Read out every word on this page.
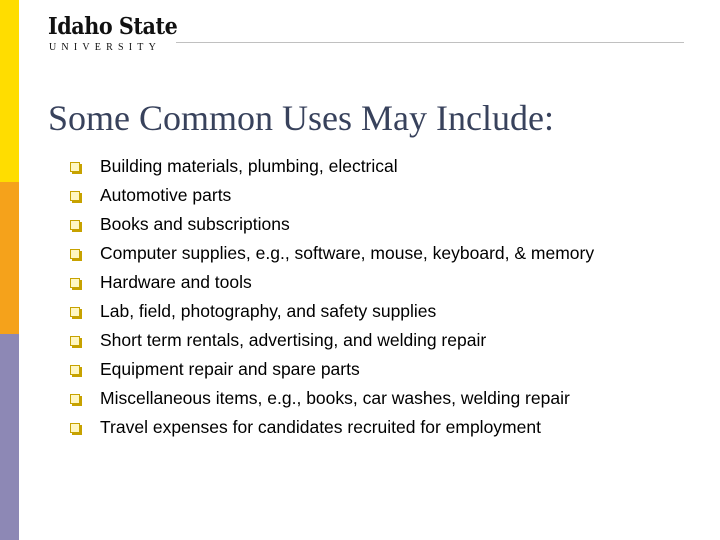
Idaho State
UNIVERSITY
Some Common Uses May Include:
Building materials, plumbing, electrical
Automotive parts
Books and subscriptions
Computer supplies, e.g., software, mouse, keyboard, & memory
Hardware and tools
Lab, field, photography, and safety supplies
Short term rentals, advertising, and welding repair
Equipment repair and spare parts
Miscellaneous items, e.g., books, car washes, welding repair
Travel expenses for candidates recruited for employment
